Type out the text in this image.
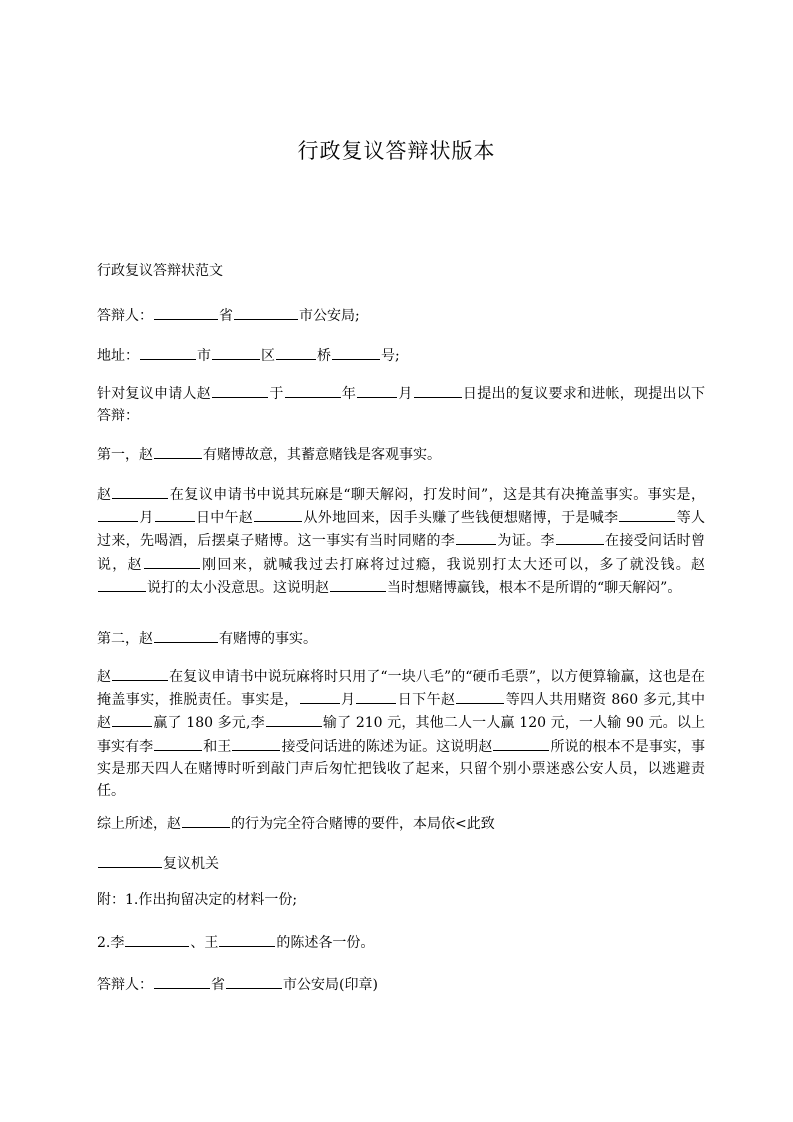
行政复议答辩状版本

行政复议答辩状范文

答辩人：	省	市公安局;

地址：	市	区	桥	号;

针对复议申请人赵	于	年	月	日提出的复议要求和进帐，现提出以下答辩：

第一，赵	有赌博故意，其蓄意赌钱是客观事实。

赵	在复议申请书中说其玩麻是“聊天解闷，打发时间”，这是其有决掩盖事实。事实是，月	日中午赵	从外地回来，因手头赚了些钱便想赌博，于是喊李	等人过来，先喝酒，后摆桌子赌博。这一事实有当时同赌的李	为证。李	在接受问话时曾说，赵	刚回来，就喊我过去打麻将过过瘾，我说别打太大还可以，多了就没钱。赵说打的太小没意思。这说明赵	当时想赌博赢钱，根本不是所谓的“聊天解闷”。

第二，赵	有赌博的事实。

赵	在复议申请书中说玩麻将时只用了“一块八毛”的“硬币毛票”，以方便算输赢，这也是在掩盖事实，推脱责任。事实是，	月	日下午赵	等四人共用赌资 860 多元,其中赵	赢了 180 多元,李	输了 210 元，其他二人一人赢 120 元，一人输 90 元。以上事实有李	和王	接受问话进的陈述为证。这说明赵	所说的根本不是事实，事实是那天四人在赌博时听到敲门声后匆忙把钱收了起来，只留个别小票迷惑公安人员，以逃避责任。

综上所述，赵	的行为完全符合赌博的要件，本局依<此致

复议机关

附：1.作出拘留决定的材料一份;

2.李	、王	的陈述各一份。

答辩人：	省	市公安局(印章)
